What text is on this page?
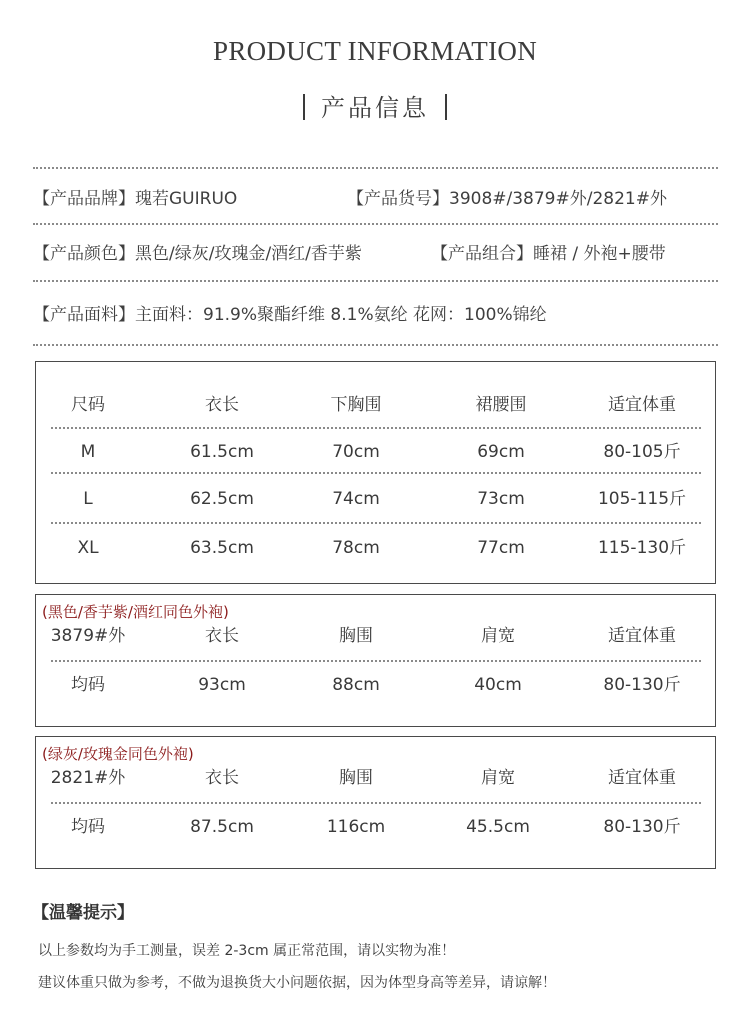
PRODUCT INFORMATION
产品信息
【产品品牌】瑰若GUIRUO	【产品货号】3908#/3879#外/2821#外
【产品颜色】黑色/绿灰/玫瑰金/酒红/香芋紫	【产品组合】睡裙 / 外袍+腰带
【产品面料】主面料：91.9%聚酯纤维 8.1%氨纶 花网：100%锦纶
尺码	衣长	下胸围	裙腰围	适宜体重
M	61.5cm	70cm	69cm	80-105斤
L	62.5cm	74cm	73cm	105-115斤
XL	63.5cm	78cm	77cm	115-130斤
(黑色/香芋紫/酒红同色外袍)
3879#外	衣长	胸围	肩宽	适宜体重
均码	93cm	88cm	40cm	80-130斤
(绿灰/玫瑰金同色外袍)
2821#外	衣长	胸围	肩宽	适宜体重
均码	87.5cm	116cm	45.5cm	80-130斤
【温馨提示】
以上参数均为手工测量，误差 2-3cm 属正常范围，请以实物为准！
建议体重只做为参考，不做为退换货大小问题依据，因为体型身高等差异，请谅解！
